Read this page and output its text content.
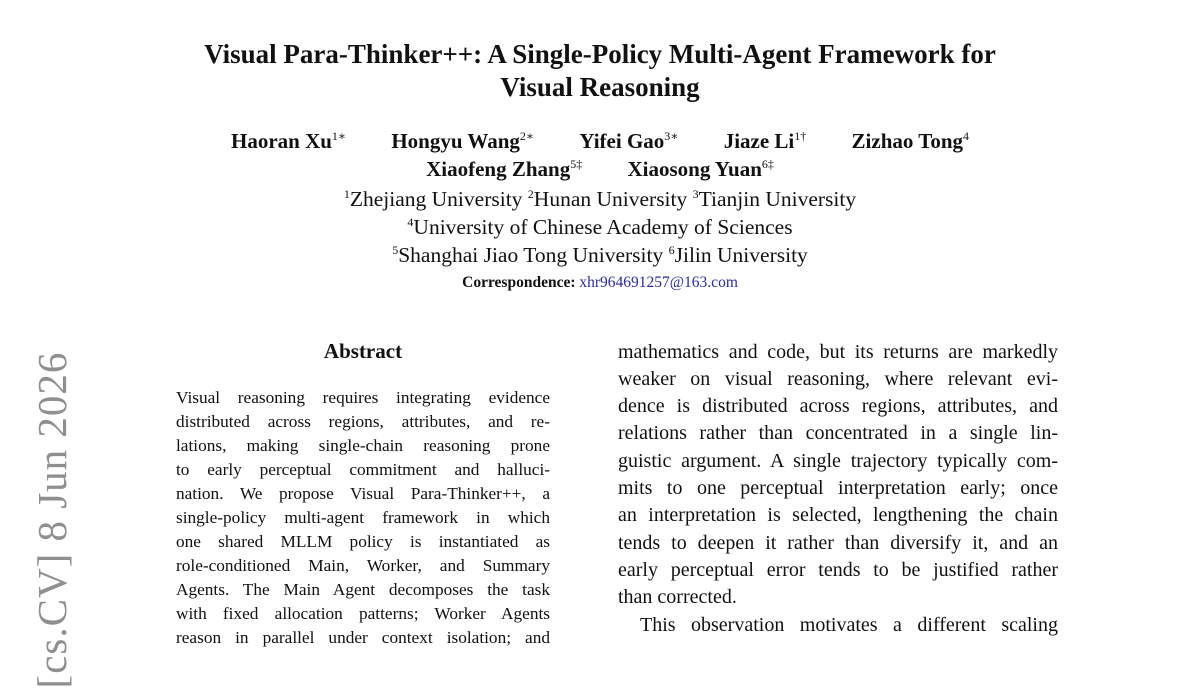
Visual Para-Thinker++: A Single-Policy Multi-Agent Framework for
Visual Reasoning
Haoran $Xu^{1∗}$ Hongyu Wang$^{2∗}$ Yifei Gao$^{3∗}$ Jiaze $Li^{1\dagger}$ Zizhao Tong$^4$
Xiaofeng Zhang$^{5\ddagger}$ Xiaosong Yuan$^{6\ddagger}$
$^1$Zhejiang University $^2$Hunan University $^3$Tianjin University
$^4$University of Chinese Academy of Sciences
$^5$Shanghai Jiao Tong University $^6$Jilin University
Correspondence: xhr964691257@163.com
Abstract
Visual reasoning requires integrating evidence
distributed across regions, attributes, and re-
lations, making single-chain reasoning prone
to early perceptual commitment and halluci-
nation. We propose Visual Para-Thinker++, a
single-policy multi-agent framework in which
one shared MLLM policy is instantiated as
role-conditioned Main, Worker, and Summary
Agents. The Main Agent decomposes the task
with fixed allocation patterns; Worker Agents
reason in parallel under context isolation; and
mathematics and code, but its returns are markedly
weaker on visual reasoning, where relevant evi-
dence is distributed across regions, attributes, and
relations rather than concentrated in a single lin-
guistic argument. A single trajectory typically com-
mits to one perceptual interpretation early; once
an interpretation is selected, lengthening the chain
tends to deepen it rather than diversify it, and an
early perceptual error tends to be justified rather
than corrected.
This observation motivates a different scaling
[cs.CV] 8 Jun 2026
